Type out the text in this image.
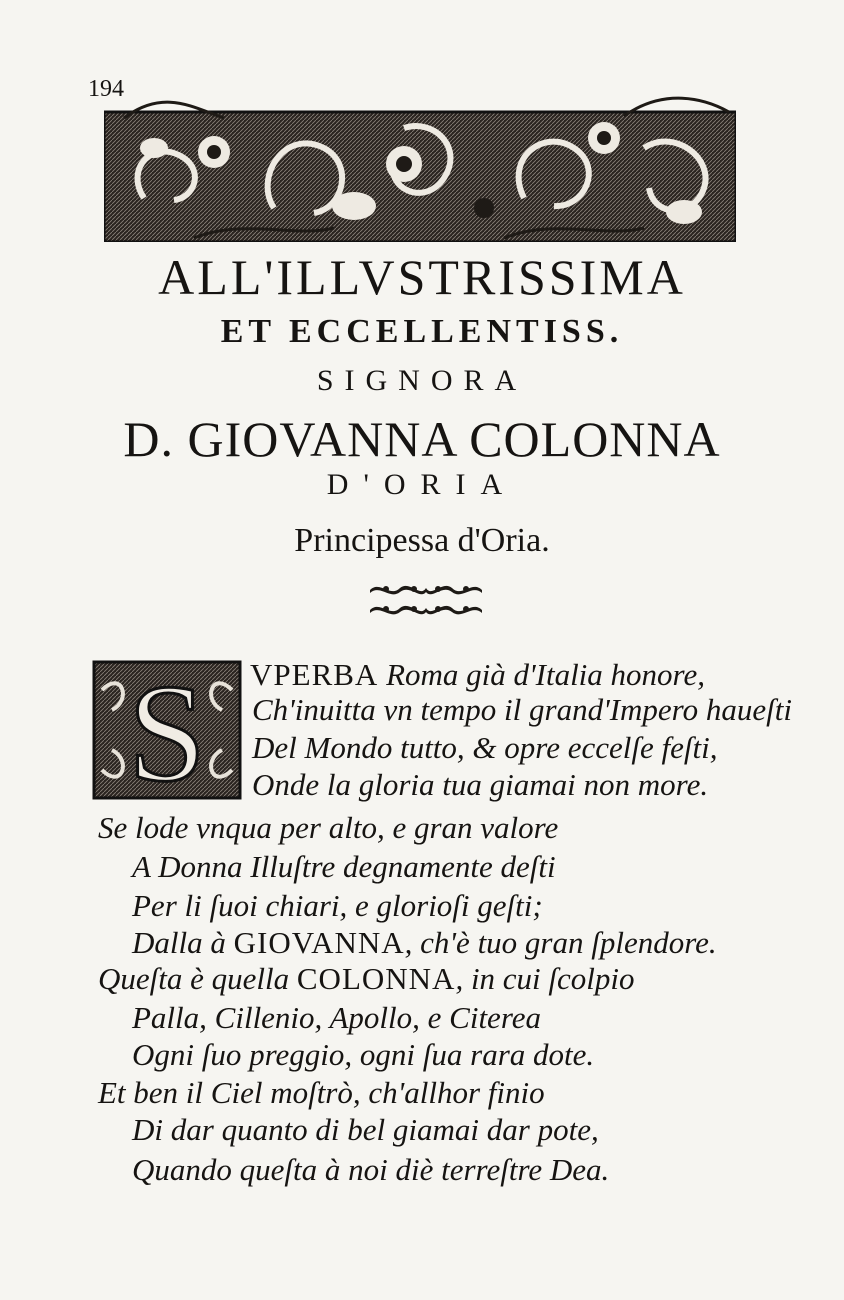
194
ALL'ILLVSTRISSIMA
ET ECCELLENTISS.
SIGNORA
D. GIOVANNA COLONNA
D'ORIA
Principessa d'Oria.
S VPERBA Roma già d'Italia honore,
Ch'inuitta vn tempo il grand'Impero haueſti
Del Mondo tutto, & opre eccelſe feſti,
Onde la gloria tua giamai non more.
Se lode vnqua per alto, e gran valore
A Donna Illuſtre degnamente deſti
Per li ſuoi chiari, e glorioſi geſti;
Dalla à GIOVANNA, ch'è tuo gran ſplendore.
Queſta è quella COLONNA, in cui ſcolpio
Palla, Cillenio, Apollo, e Citerea
Ogni ſuo preggio, ogni ſua rara dote.
Et ben il Ciel moſtrò, ch'allhor finio
Di dar quanto di bel giamai dar pote,
Quando queſta à noi diè terreſtre Dea.
